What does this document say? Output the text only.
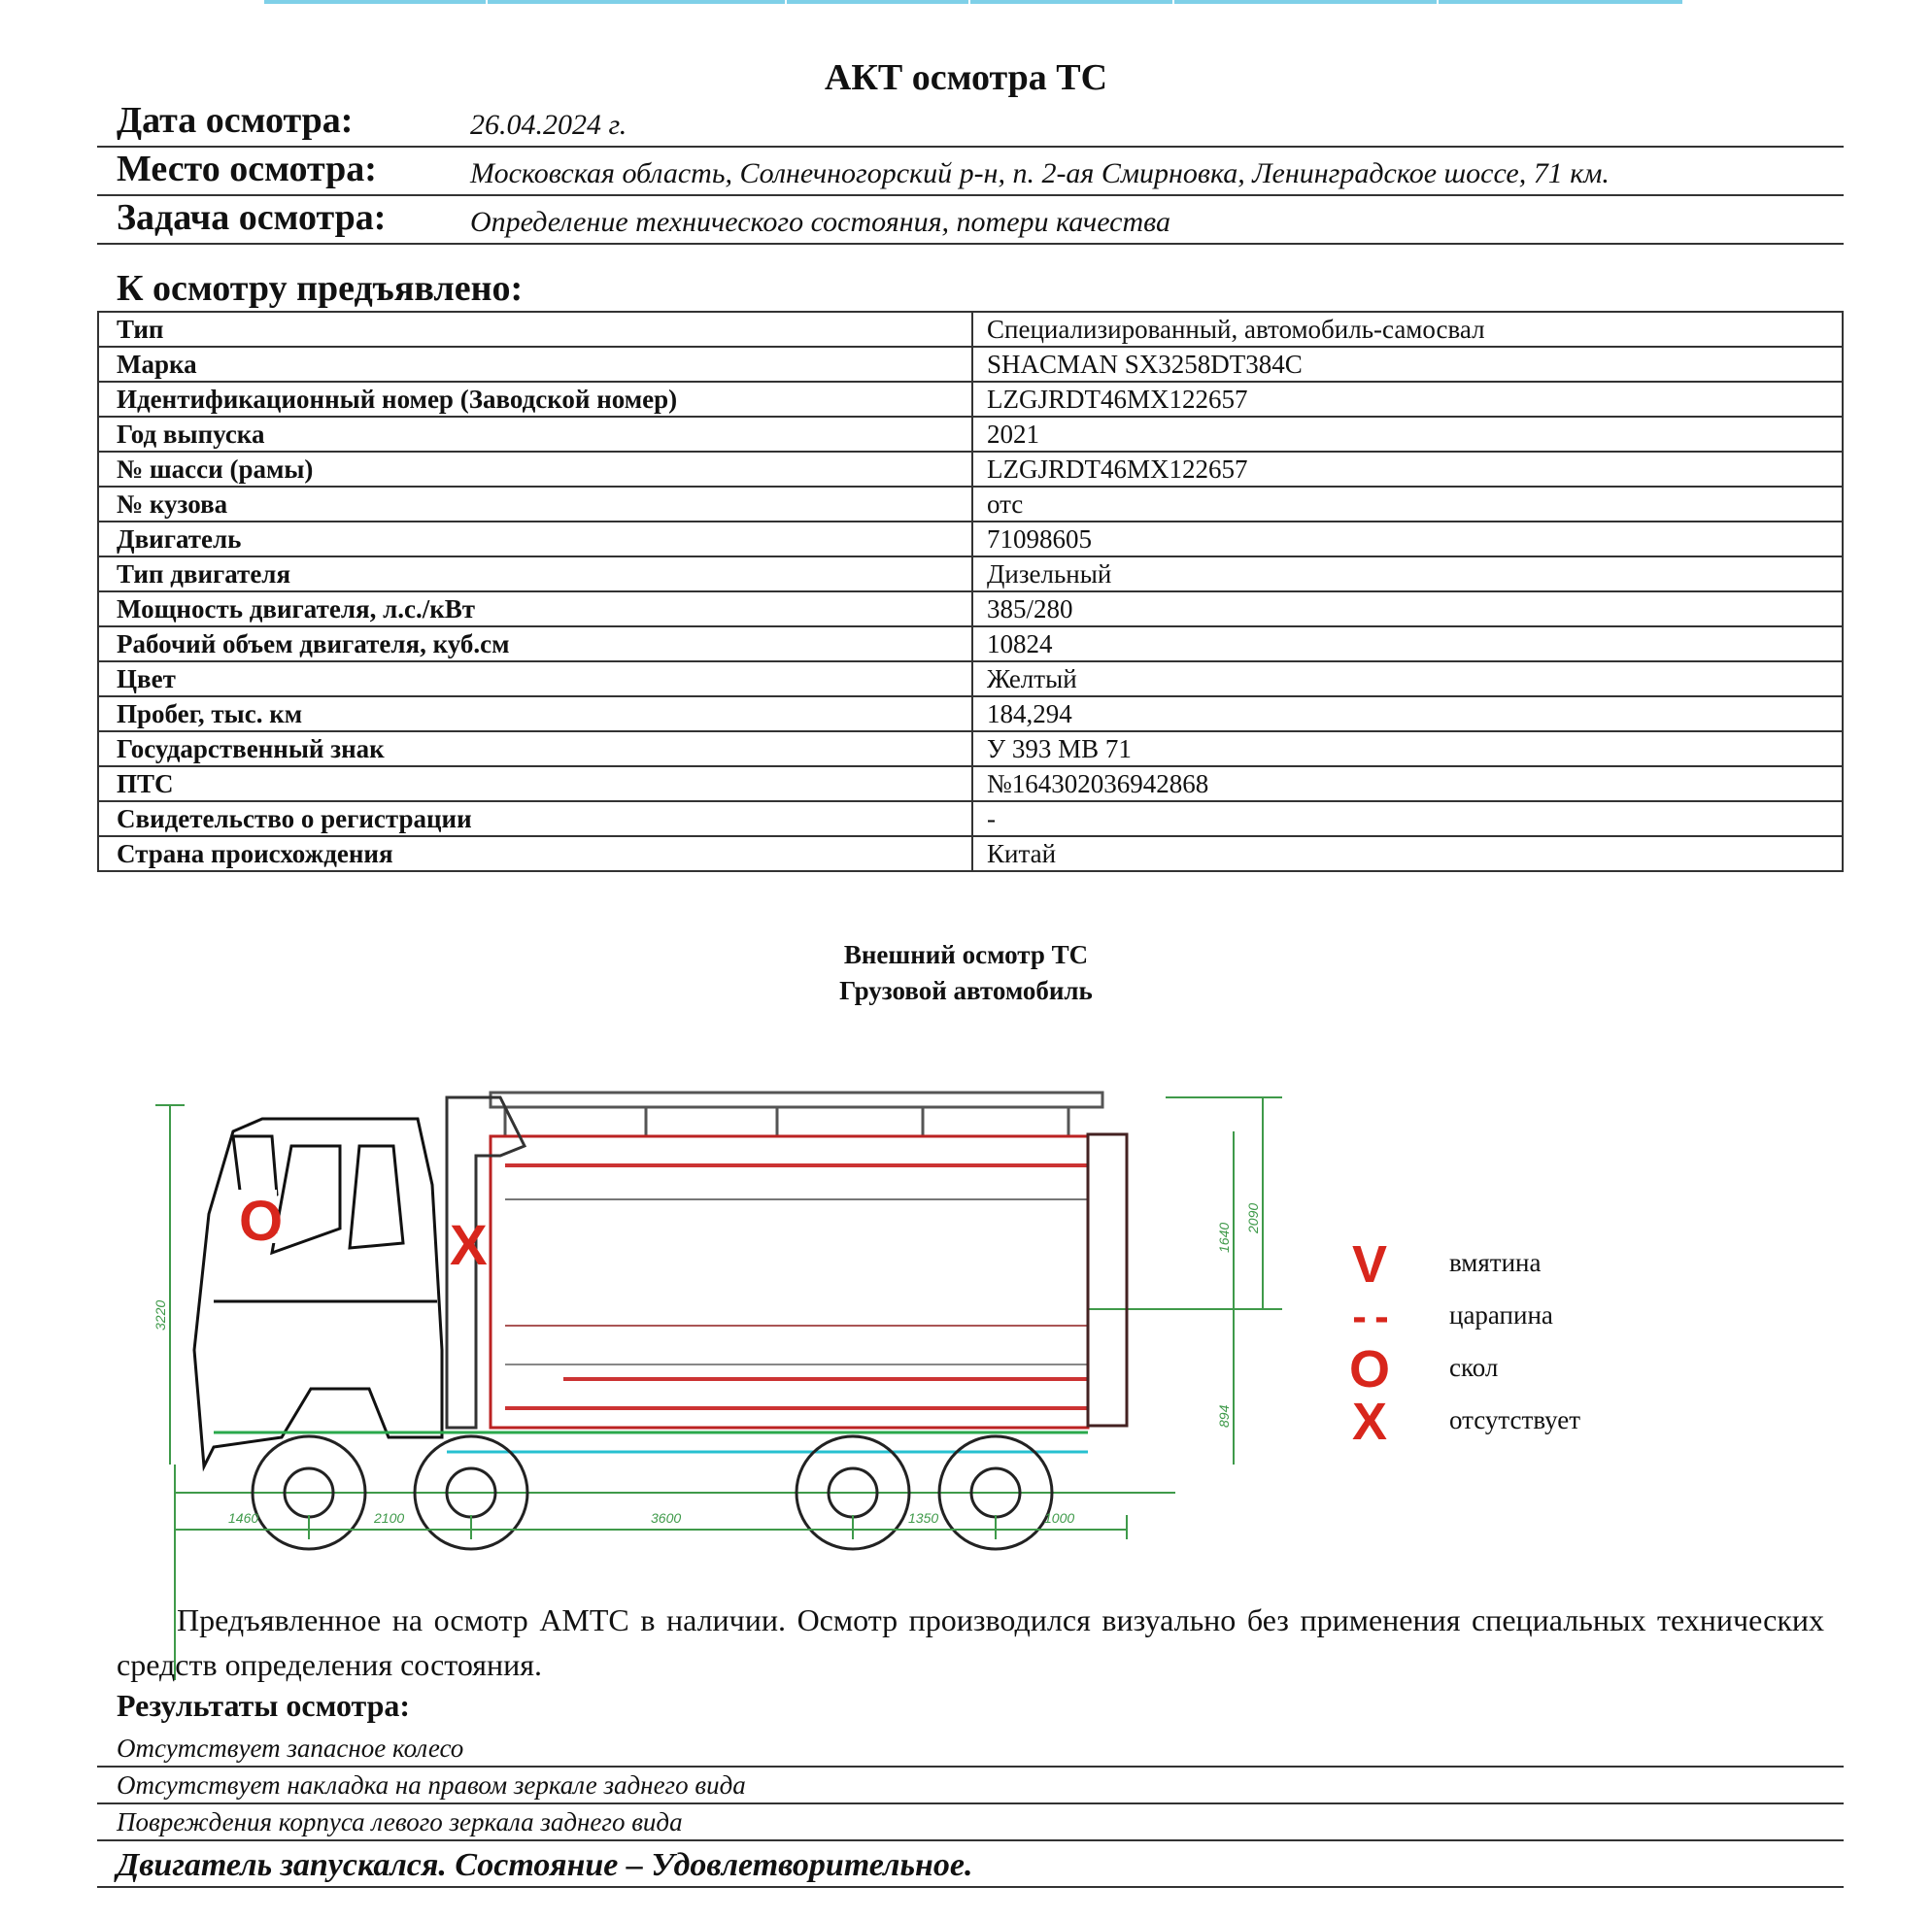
АКТ осмотра ТС
Дата осмотра:	26.04.2024 г.
Место осмотра:	Московская область, Солнечногорский р-н, п. 2-ая Смирновка, Ленинградское шоссе, 71 км.
Задача осмотра:	Определение технического состояния, потери качества
К осмотру предъявлено:
Тип	Специализированный, автомобиль-самосвал
Марка	SHACMAN SX3258DT384C
Идентификационный номер (Заводской номер)	LZGJRDT46MX122657
Год выпуска	2021
№ шасси (рамы)	LZGJRDT46MX122657
№ кузова	отс
Двигатель	71098605
Тип двигателя	Дизельный
Мощность двигателя, л.с./кВт	385/280
Рабочий объем двигателя, куб.см	10824
Цвет	Желтый
Пробег, тыс. км	184,294
Государственный знак	У 393 МВ 71
ПТС	№164302036942868
Свидетельство о регистрации	-
Страна происхождения	Китай
Внешний осмотр ТС
Грузовой автомобиль
1460	2100	3600	1350	1000
3220
1640
2090
894
O	X	V	вмятина
- -	царапина
O	скол
X	отсутствует
Предъявленное на осмотр АМТС в наличии. Осмотр производился визуально без применения специальных технических средств определения состояния.
Результаты осмотра:
Отсутствует запасное колесо
Отсутствует накладка на правом зеркале заднего вида
Повреждения корпуса левого зеркала заднего вида
Двигатель запускался. Состояние – Удовлетворительное.
